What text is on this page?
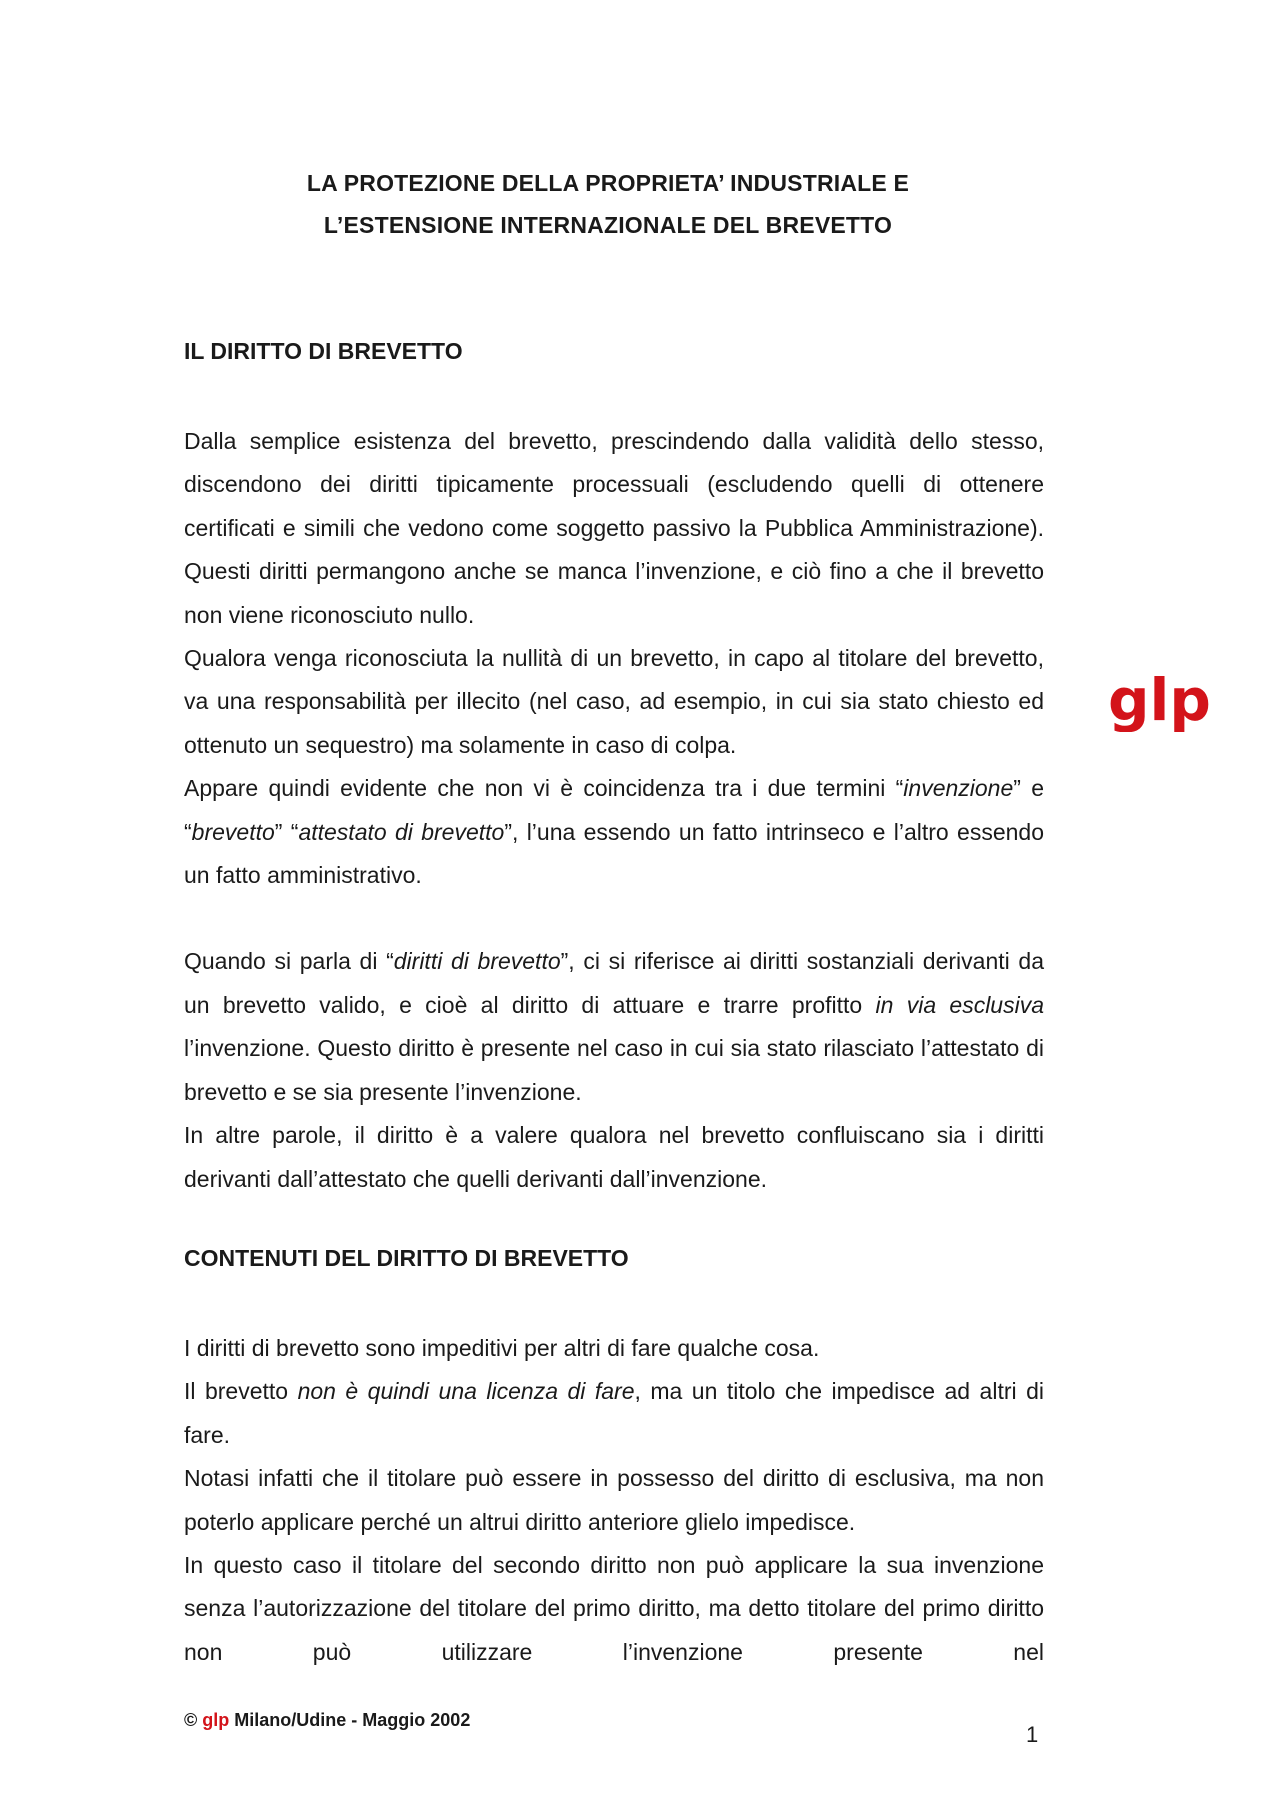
LA PROTEZIONE DELLA PROPRIETA’ INDUSTRIALE E
L’ESTENSIONE INTERNAZIONALE DEL BREVETTO
IL DIRITTO DI BREVETTO

Dalla semplice esistenza del brevetto, prescindendo dalla validità dello stesso, discendono dei diritti tipicamente processuali (escludendo quelli di ottenere certificati e simili che vedono come soggetto passivo la Pubblica Amministrazione). Questi diritti permangono anche se manca l’invenzione, e ciò fino a che il brevetto non viene riconosciuto nullo.

Qualora venga riconosciuta la nullità di un brevetto, in capo al titolare del brevetto, va una responsabilità per illecito (nel caso, ad esempio, in cui sia stato chiesto ed ottenuto un sequestro) ma solamente in caso di colpa.

Appare quindi evidente che non vi è coincidenza tra i due termini “invenzione” e “brevetto” “attestato di brevetto”, l’una essendo un fatto intrinseco e l’altro essendo un fatto amministrativo.

Quando si parla di “diritti di brevetto”, ci si riferisce ai diritti sostanziali derivanti da un brevetto valido, e cioè al diritto di attuare e trarre profitto in via esclusiva l’invenzione. Questo diritto è presente nel caso in cui sia stato rilasciato l’attestato di brevetto e se sia presente l’invenzione.

In altre parole, il diritto è a valere qualora nel brevetto confluiscano sia i diritti derivanti dall’attestato che quelli derivanti dall’invenzione.

CONTENUTI DEL DIRITTO DI BREVETTO

I diritti di brevetto sono impeditivi per altri di fare qualche cosa.

Il brevetto non è quindi una licenza di fare, ma un titolo che impedisce ad altri di fare.

Notasi infatti che il titolare può essere in possesso del diritto di esclusiva, ma non poterlo applicare perché un altrui diritto anteriore glielo impedisce.

In questo caso il titolare del secondo diritto non può applicare la sua invenzione senza l’autorizzazione del titolare del primo diritto, ma detto titolare del primo diritto non può utilizzare l’invenzione presente nel

glp
© glp Milano/Udine - Maggio 2002
1
